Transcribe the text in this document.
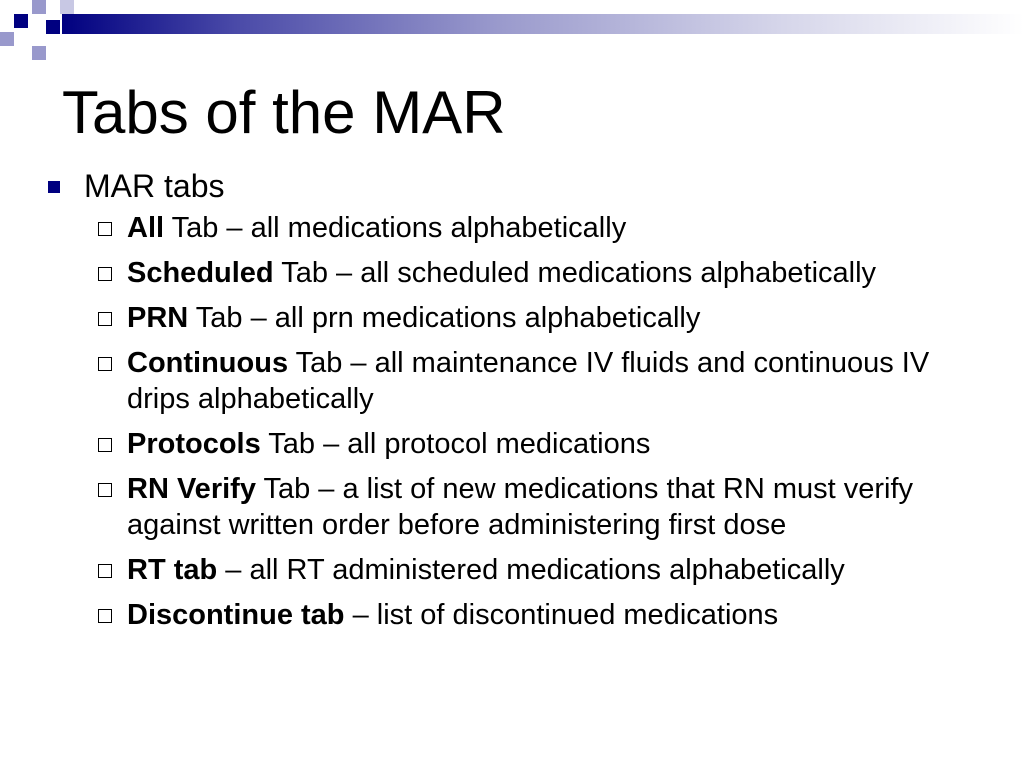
Tabs of the MAR
MAR tabs
All Tab – all medications alphabetically
Scheduled Tab – all scheduled medications alphabetically
PRN Tab – all prn medications alphabetically
Continuous Tab – all maintenance IV fluids and continuous IV drips alphabetically
Protocols Tab – all protocol medications
RN Verify Tab – a list of new medications that RN must verify against written order before administering first dose
RT tab – all RT administered medications alphabetically
Discontinue tab – list of discontinued medications
